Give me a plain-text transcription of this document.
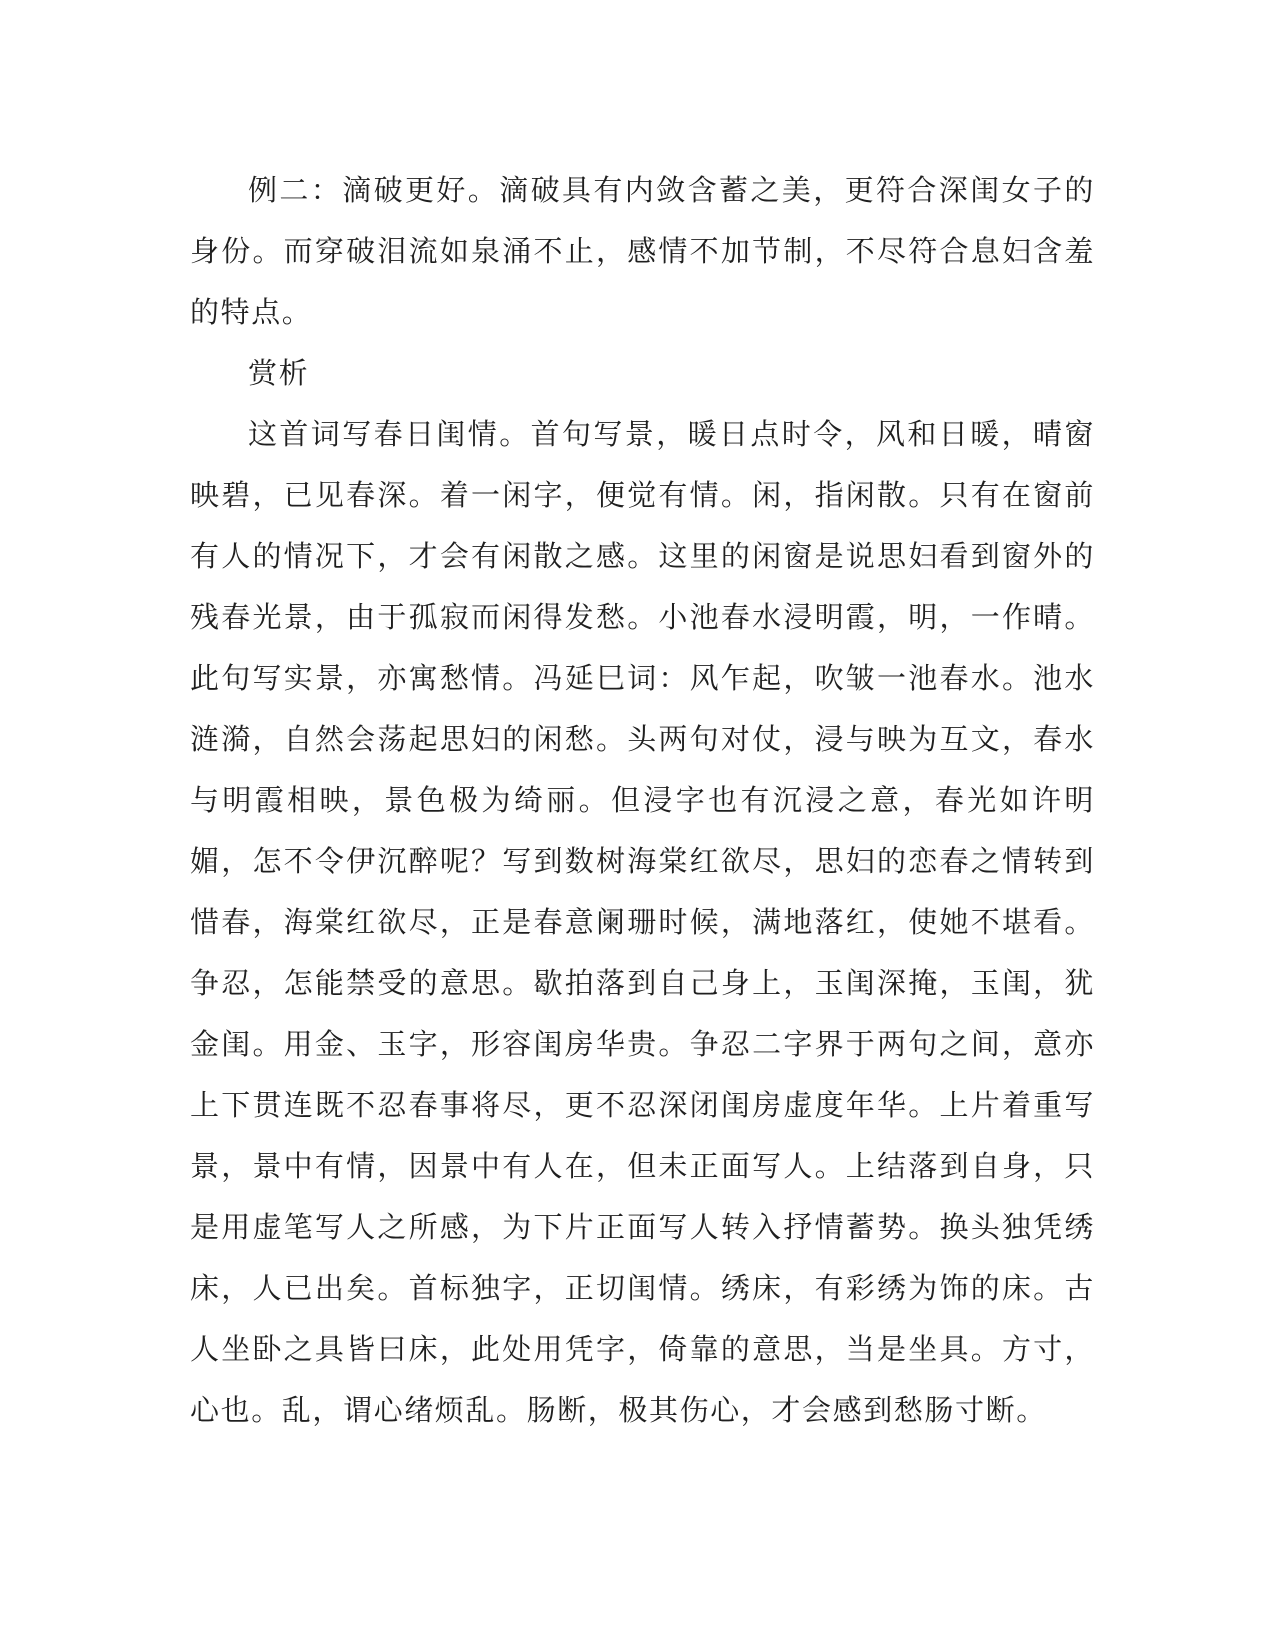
例二：滴破更好。滴破具有内敛含蓄之美，更符合深闺女子的身份。而穿破泪流如泉涌不止，感情不加节制，不尽符合息妇含羞的特点。

赏析

这首词写春日闺情。首句写景，暖日点时令，风和日暖，晴窗映碧，已见春深。着一闲字，便觉有情。闲，指闲散。只有在窗前有人的情况下，才会有闲散之感。这里的闲窗是说思妇看到窗外的残春光景，由于孤寂而闲得发愁。小池春水浸明霞，明，一作晴。此句写实景，亦寓愁情。冯延巳词：风乍起，吹皱一池春水。池水涟漪，自然会荡起思妇的闲愁。头两句对仗，浸与映为互文，春水与明霞相映，景色极为绮丽。但浸字也有沉浸之意，春光如许明媚，怎不令伊沉醉呢？写到数树海棠红欲尽，思妇的恋春之情转到惜春，海棠红欲尽，正是春意阑珊时候，满地落红，使她不堪看。争忍，怎能禁受的意思。歇拍落到自己身上，玉闺深掩，玉闺，犹金闺。用金、玉字，形容闺房华贵。争忍二字界于两句之间，意亦上下贯连既不忍春事将尽，更不忍深闭闺房虚度年华。上片着重写景，景中有情，因景中有人在，但未正面写人。上结落到自身，只是用虚笔写人之所感，为下片正面写人转入抒情蓄势。换头独凭绣床，人已出矣。首标独字，正切闺情。绣床，有彩绣为饰的床。古人坐卧之具皆曰床，此处用凭字，倚靠的意思，当是坐具。方寸，心也。乱，谓心绪烦乱。肠断，极其伤心，才会感到愁肠寸断。
